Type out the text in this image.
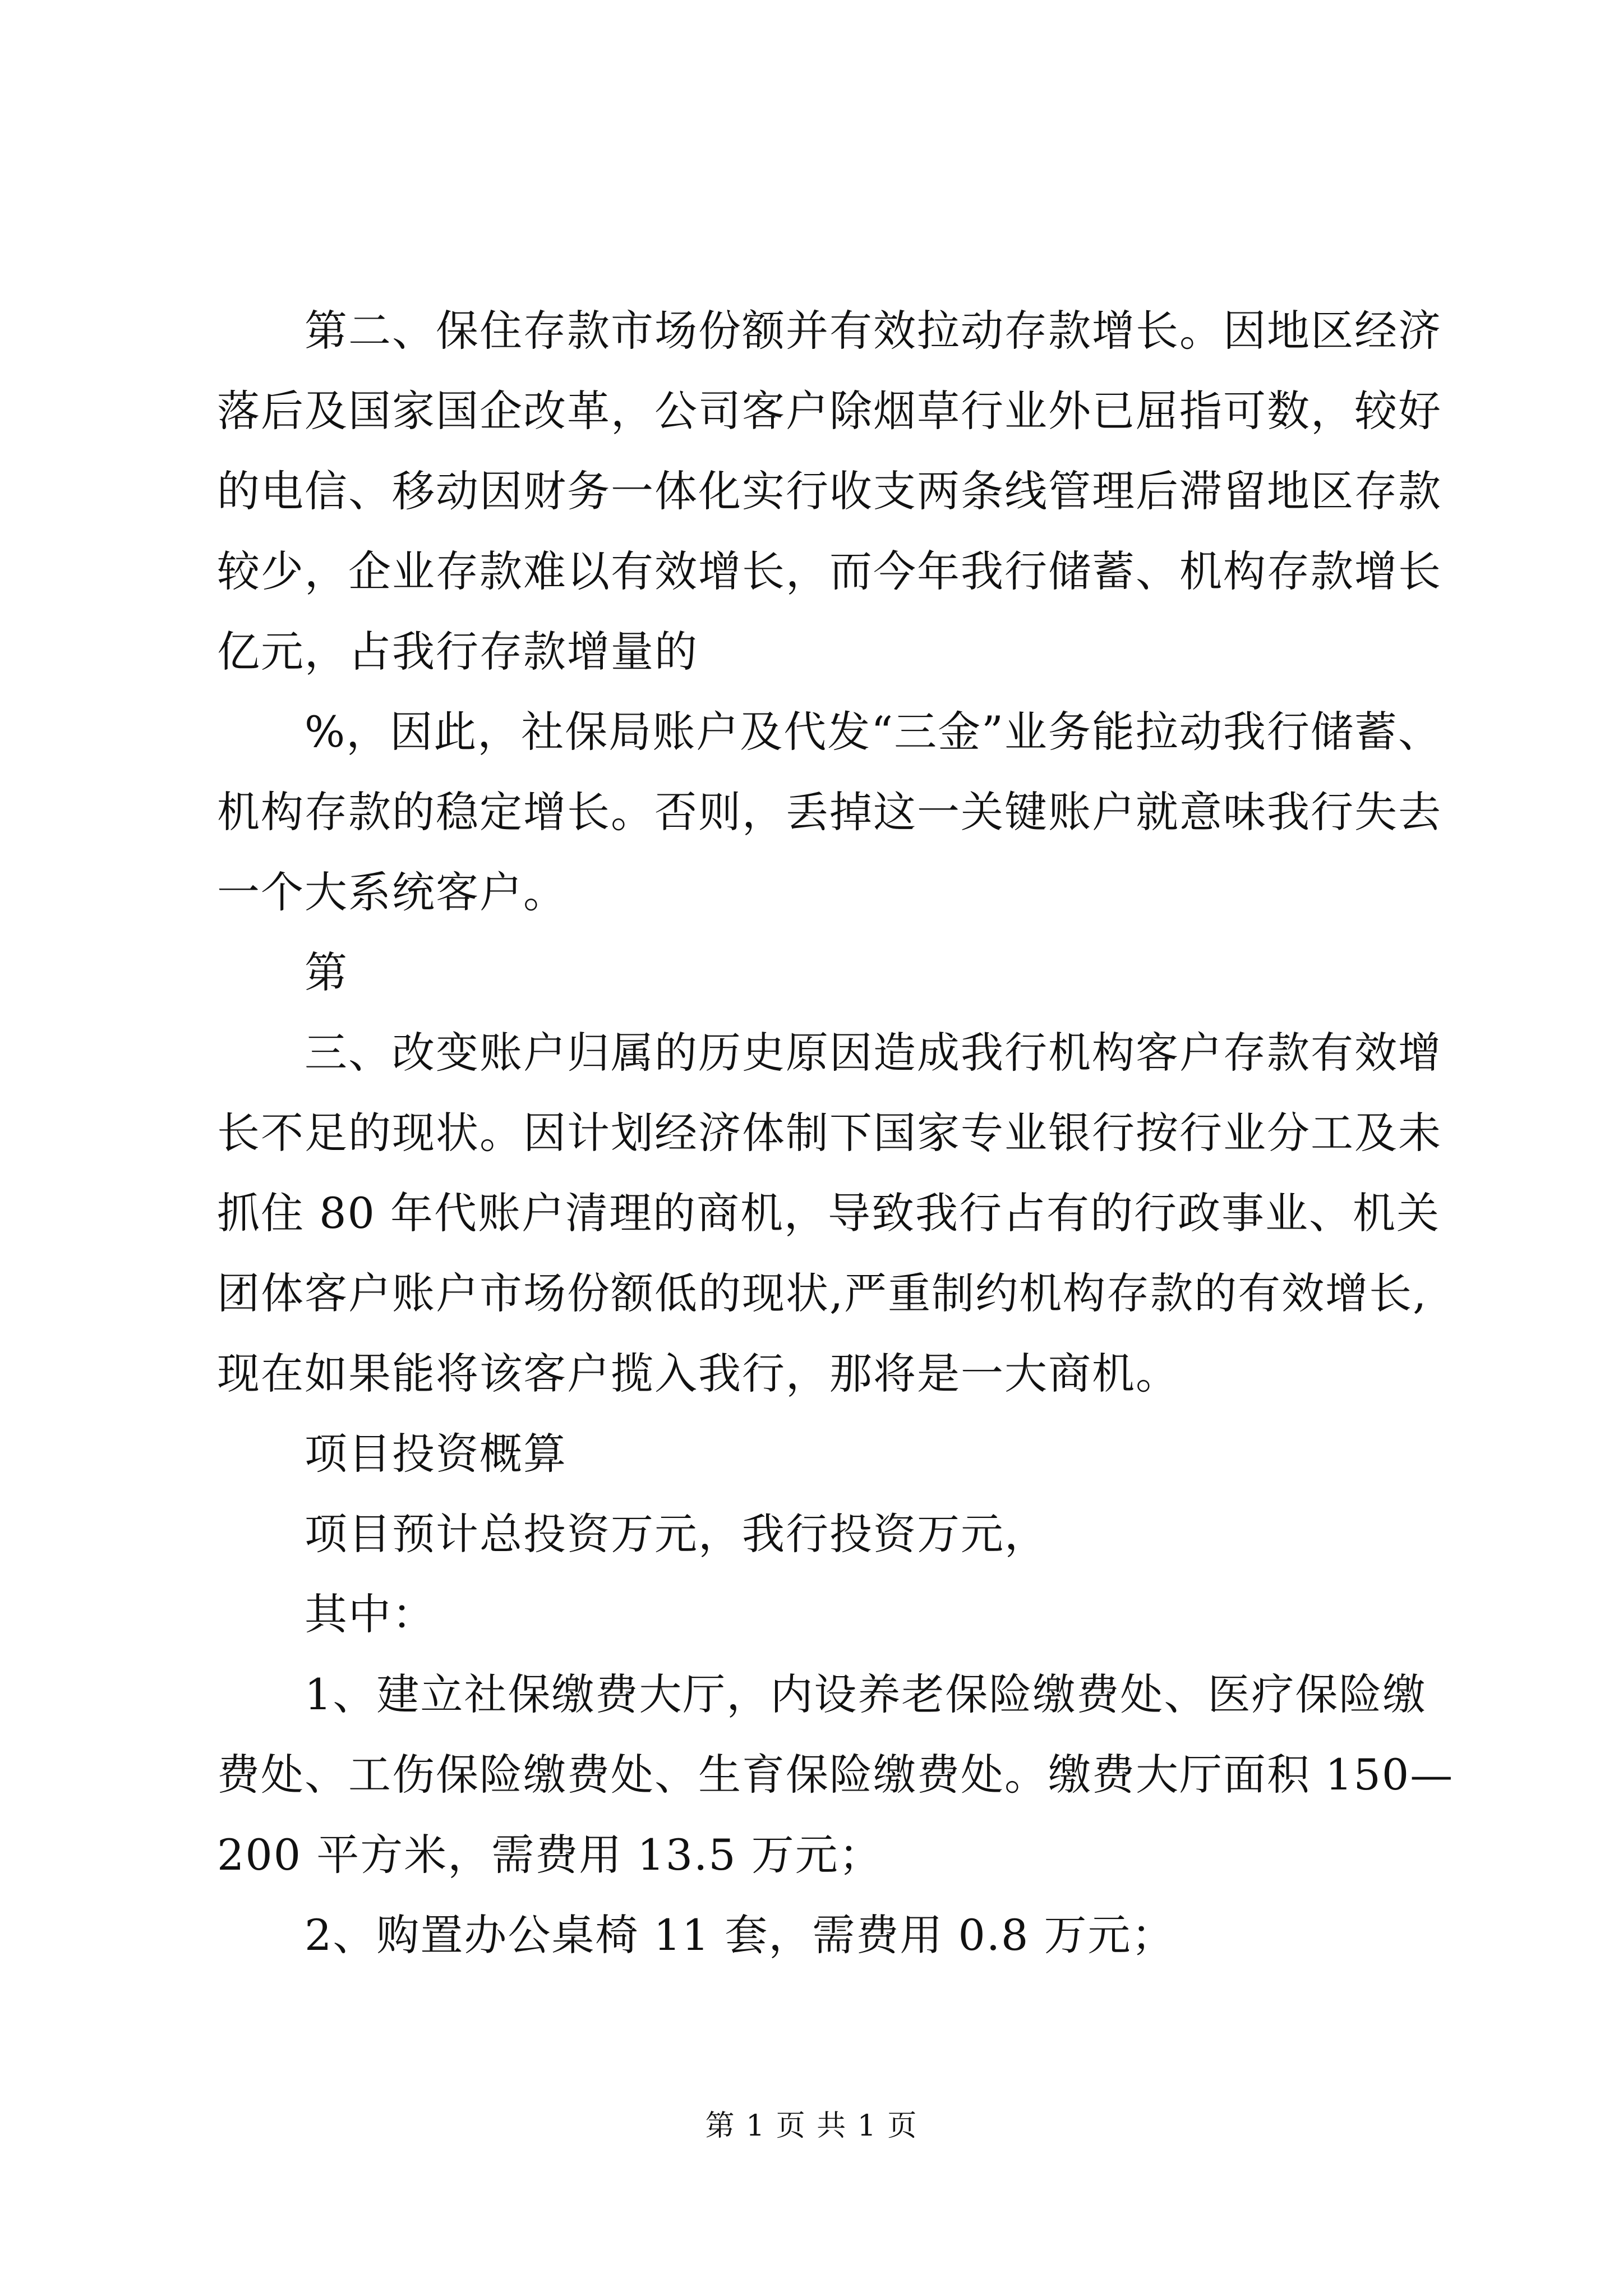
第二、保住存款市场份额并有效拉动存款增长。因地区经济
落后及国家国企改革，公司客户除烟草行业外已屈指可数，较好
的电信、移动因财务一体化实行收支两条线管理后滞留地区存款
较少，企业存款难以有效增长，而今年我行储蓄、机构存款增长
亿元，占我行存款增量的
%，因此，社保局账户及代发“三金”业务能拉动我行储蓄、
机构存款的稳定增长。否则，丢掉这一关键账户就意味我行失去
一个大系统客户。
第
三、改变账户归属的历史原因造成我行机构客户存款有效增
长不足的现状。因计划经济体制下国家专业银行按行业分工及未
抓住 80 年代账户清理的商机，导致我行占有的行政事业、机关
团体客户账户市场份额低的现状,严重制约机构存款的有效增长,
现在如果能将该客户揽入我行，那将是一大商机。
项目投资概算
项目预计总投资万元，我行投资万元，
其中：
1、建立社保缴费大厅，内设养老保险缴费处、医疗保险缴
费处、工伤保险缴费处、生育保险缴费处。缴费大厅面积 150—
200 平方米，需费用 13.5 万元；
2、购置办公桌椅 11 套，需费用 0.8 万元；
第 1 页 共 1 页
